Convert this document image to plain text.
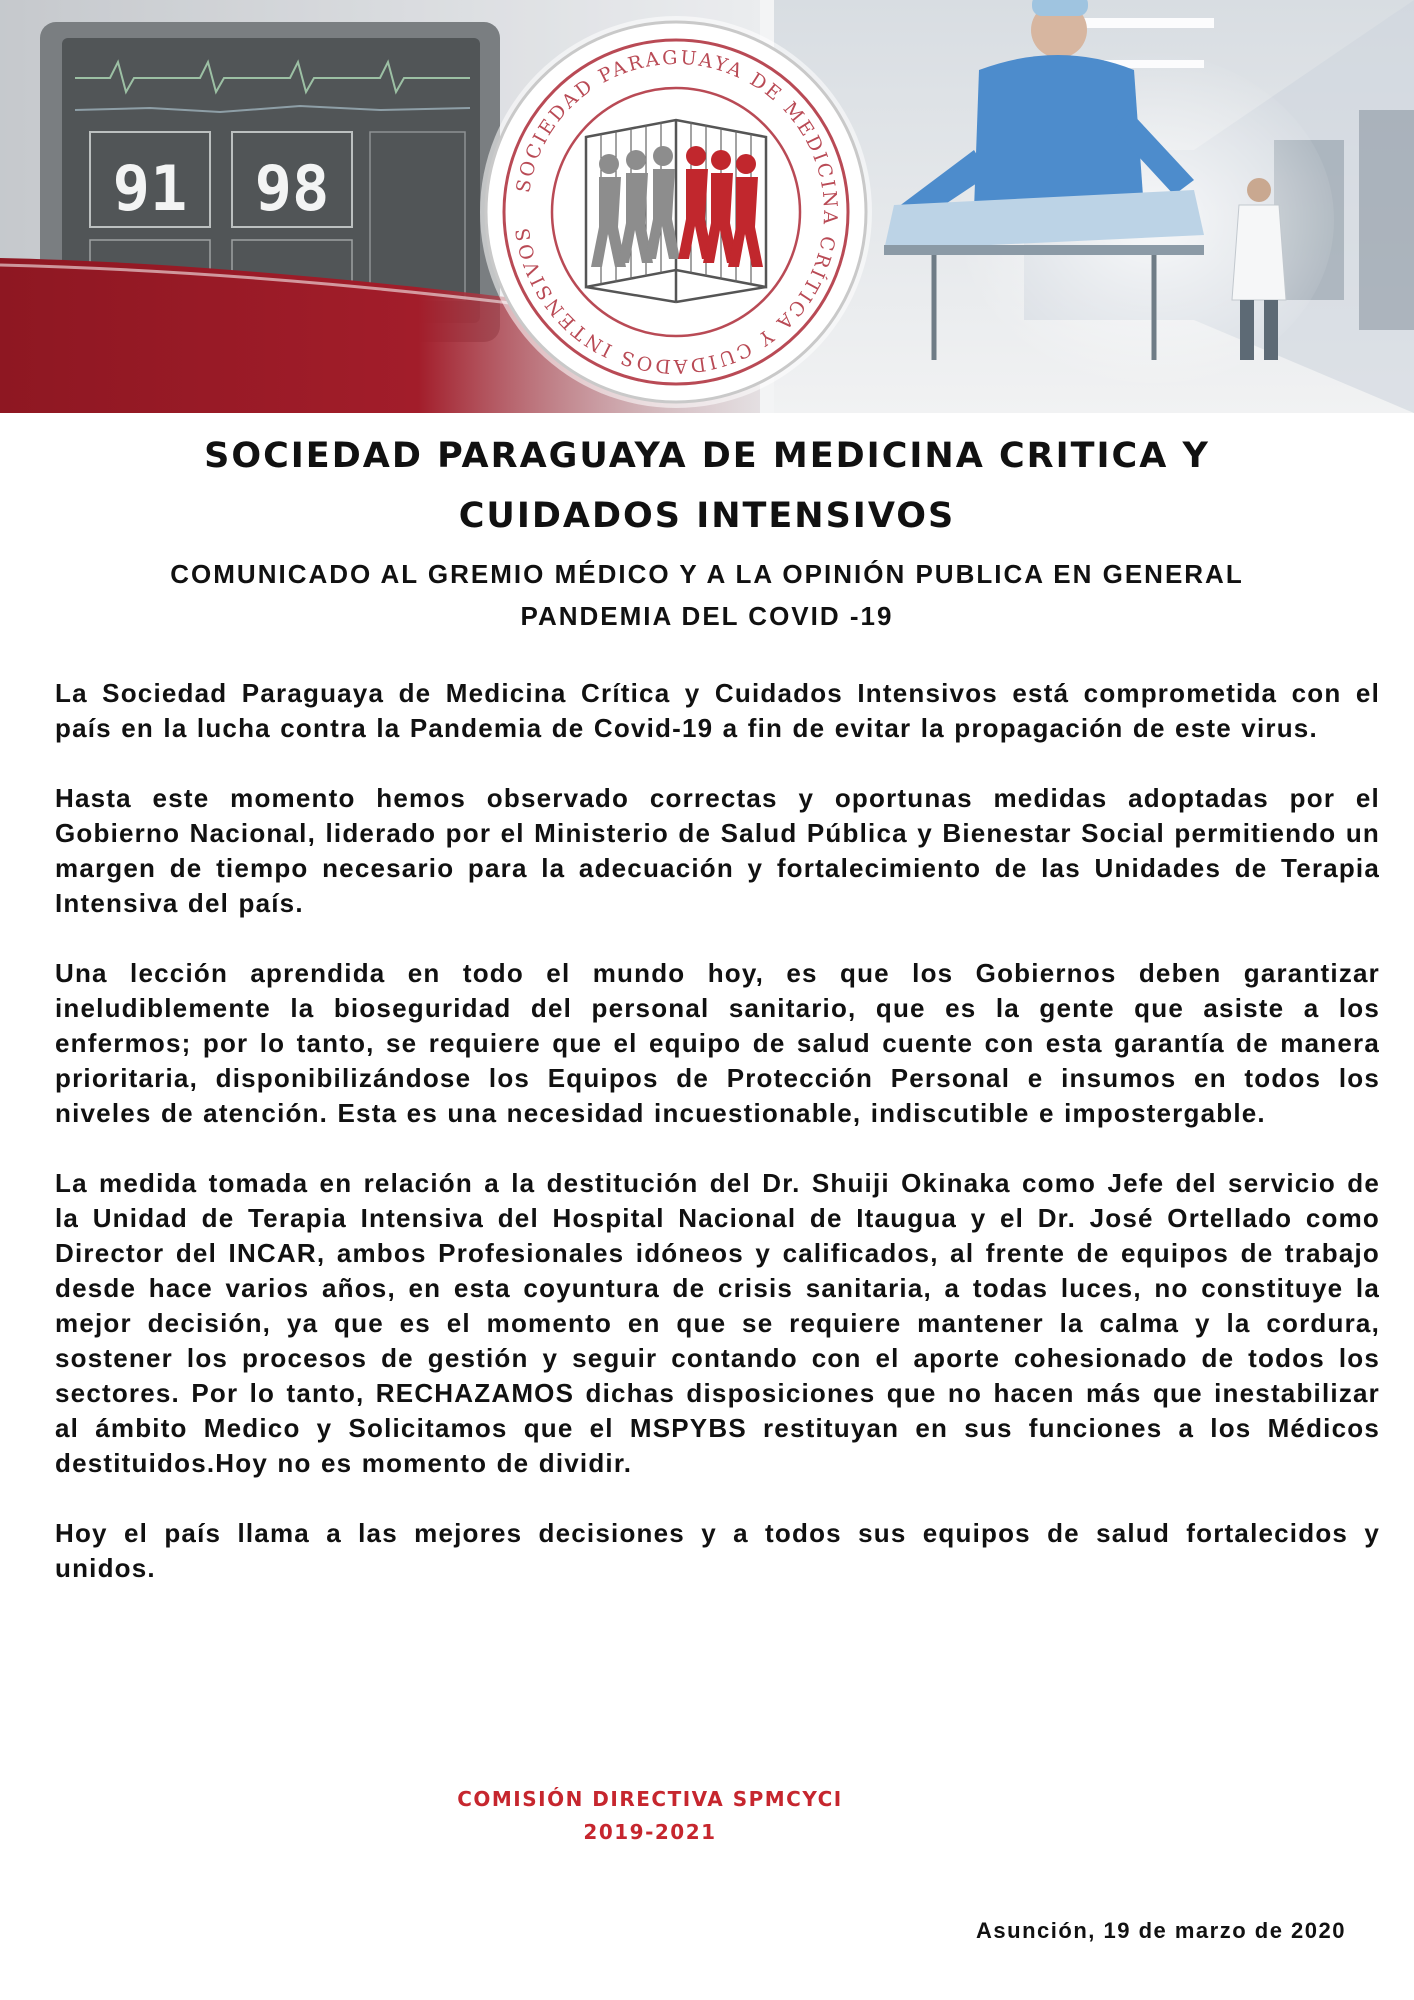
91 98	SOCIEDAD PARAGUAYA DE MEDICINA CRÍTICA Y CUIDADOS INTENSIVOS
SOCIEDAD PARAGUAYA DE MEDICINA CRITICA Y
CUIDADOS INTENSIVOS
COMUNICADO AL GREMIO MÉDICO Y A LA OPINIÓN PUBLICA EN GENERAL
PANDEMIA DEL COVID -19

La Sociedad Paraguaya de Medicina Crítica y Cuidados Intensivos está comprometida con el país en la lucha contra la Pandemia de Covid-19 a fin de evitar la propagación de este virus.

Hasta este momento hemos observado correctas y oportunas medidas adoptadas por el Gobierno Nacional, liderado por el Ministerio de Salud Pública y Bienestar Social permitiendo un margen de tiempo necesario para la adecuación y fortalecimiento de las Unidades de Terapia Intensiva del país.

Una lección aprendida en todo el mundo hoy, es que los Gobiernos deben garantizar ineludiblemente la bioseguridad del personal sanitario, que es la gente que asiste a los enfermos; por lo tanto, se requiere que el equipo de salud cuente con esta garantía de manera prioritaria, disponibilizándose los Equipos de Protección Personal e insumos en todos los niveles de atención. Esta es una necesidad incuestionable, indiscutible e impostergable.

La medida tomada en relación a la destitución del Dr. Shuiji Okinaka como Jefe del servicio de la Unidad de Terapia Intensiva del Hospital Nacional de Itaugua y el Dr. José Ortellado como Director del INCAR, ambos Profesionales idóneos y calificados, al frente de equipos de trabajo desde hace varios años, en esta coyuntura de crisis sanitaria, a todas luces, no constituye la mejor decisión, ya que es el momento en que se requiere mantener la calma y la cordura, sostener los procesos de gestión y seguir contando con el aporte cohesionado de todos los sectores. Por lo tanto, RECHAZAMOS dichas disposiciones que no hacen más que inestabilizar al ámbito Medico y Solicitamos que el MSPYBS restituyan en sus funciones a los Médicos destituidos.Hoy no es momento de dividir.

Hoy el país llama a las mejores decisiones y a todos sus equipos de salud fortalecidos y unidos.

COMISIÓN DIRECTIVA SPMCYCI
2019-2021
Asunción, 19 de marzo de 2020
